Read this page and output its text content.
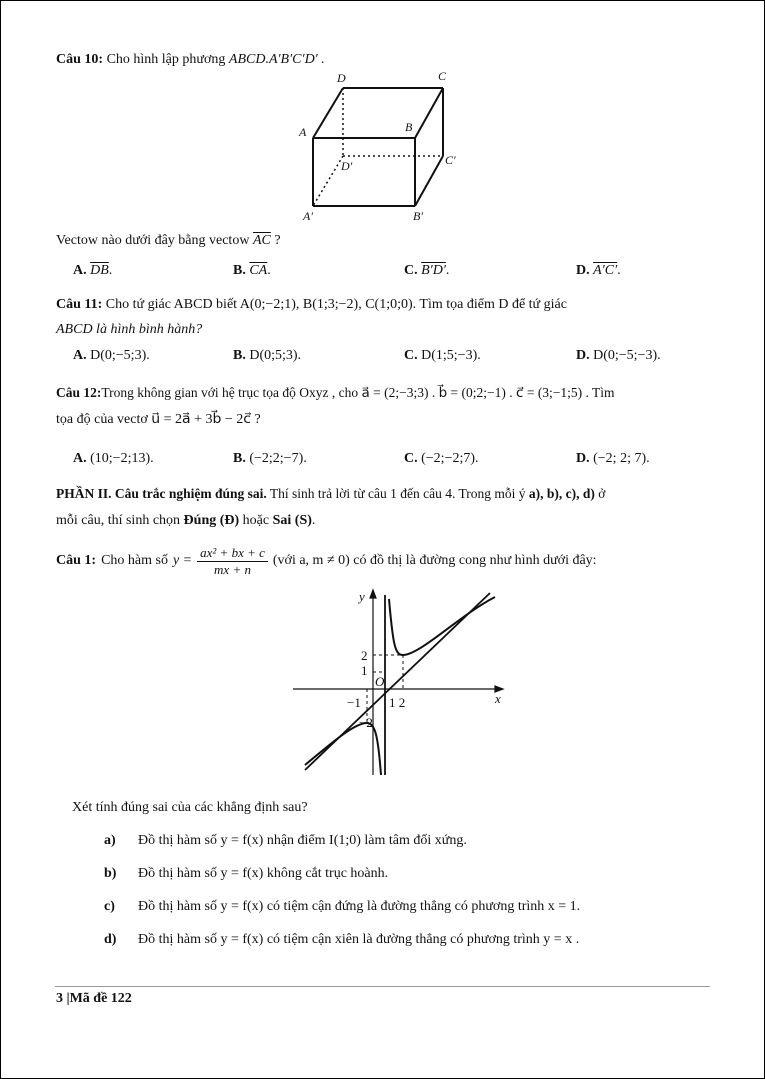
Câu 10: Cho hình lập phương ABCD.A′B′C′D′ .
D	C
A	B
D′	C′
A′	B′
Vectow nào dưới đây bằng vectow $\overline{AC}$ ?
A. $\overline{DB}$.	B. $\overline{CA}$.	C. B′D′.	D. A′C′.
Câu 11: Cho tứ giác ABCD biết A(0;−2;1), B(1;3;−2), C(1;0;0). Tìm tọa điểm D để tứ giác
ABCD là hình bình hành?
A. D(0;−5;3).	B. D(0;5;3).	C. D(1;5;−3).	D. D(0;−5;−3).
Câu 12:Trong không gian với hệ trục tọa độ Oxyz , cho a⃗ = (2;−3;3) . b⃗ = (0;2;−1) . c⃗ = (3;−1;5) . Tìm
tọa độ của vectơ u⃗ = 2a⃗ + 3b⃗ − 2c⃗ ?
A. (10;−2;13).	B. (−2;2;−7).	C. (−2;−2;7).	D. (−2; 2; 7).
PHẦN II. Câu trắc nghiệm đúng sai. Thí sinh trả lời từ câu 1 đến câu 4. Trong mỗi ý a), b), c), d) ở
mỗi câu, thí sinh chọn Đúng (Đ) hoặc Sai (S).
Câu 1: Cho hàm số $y = \frac{\text{ax² + bx + c}}{mx + n}$ (với a, m ≠ 0) có đồ thị là đường cong như hình dưới đây:
y
x
O
2
1
−1 1 2
−2
Xét tính đúng sai của các khẳng định sau?
a) Đồ thị hàm số y = f(x) nhận điểm I(1;0) làm tâm đối xứng.
b) Đồ thị hàm số y = f(x) không cắt trục hoành.
c) Đồ thị hàm số y = f(x) có tiệm cận đứng là đường thẳng có phương trình x = 1.
d) Đồ thị hàm số y = f(x) có tiệm cận xiên là đường thẳng có phương trình y = x .
3 |Mã đề 122
